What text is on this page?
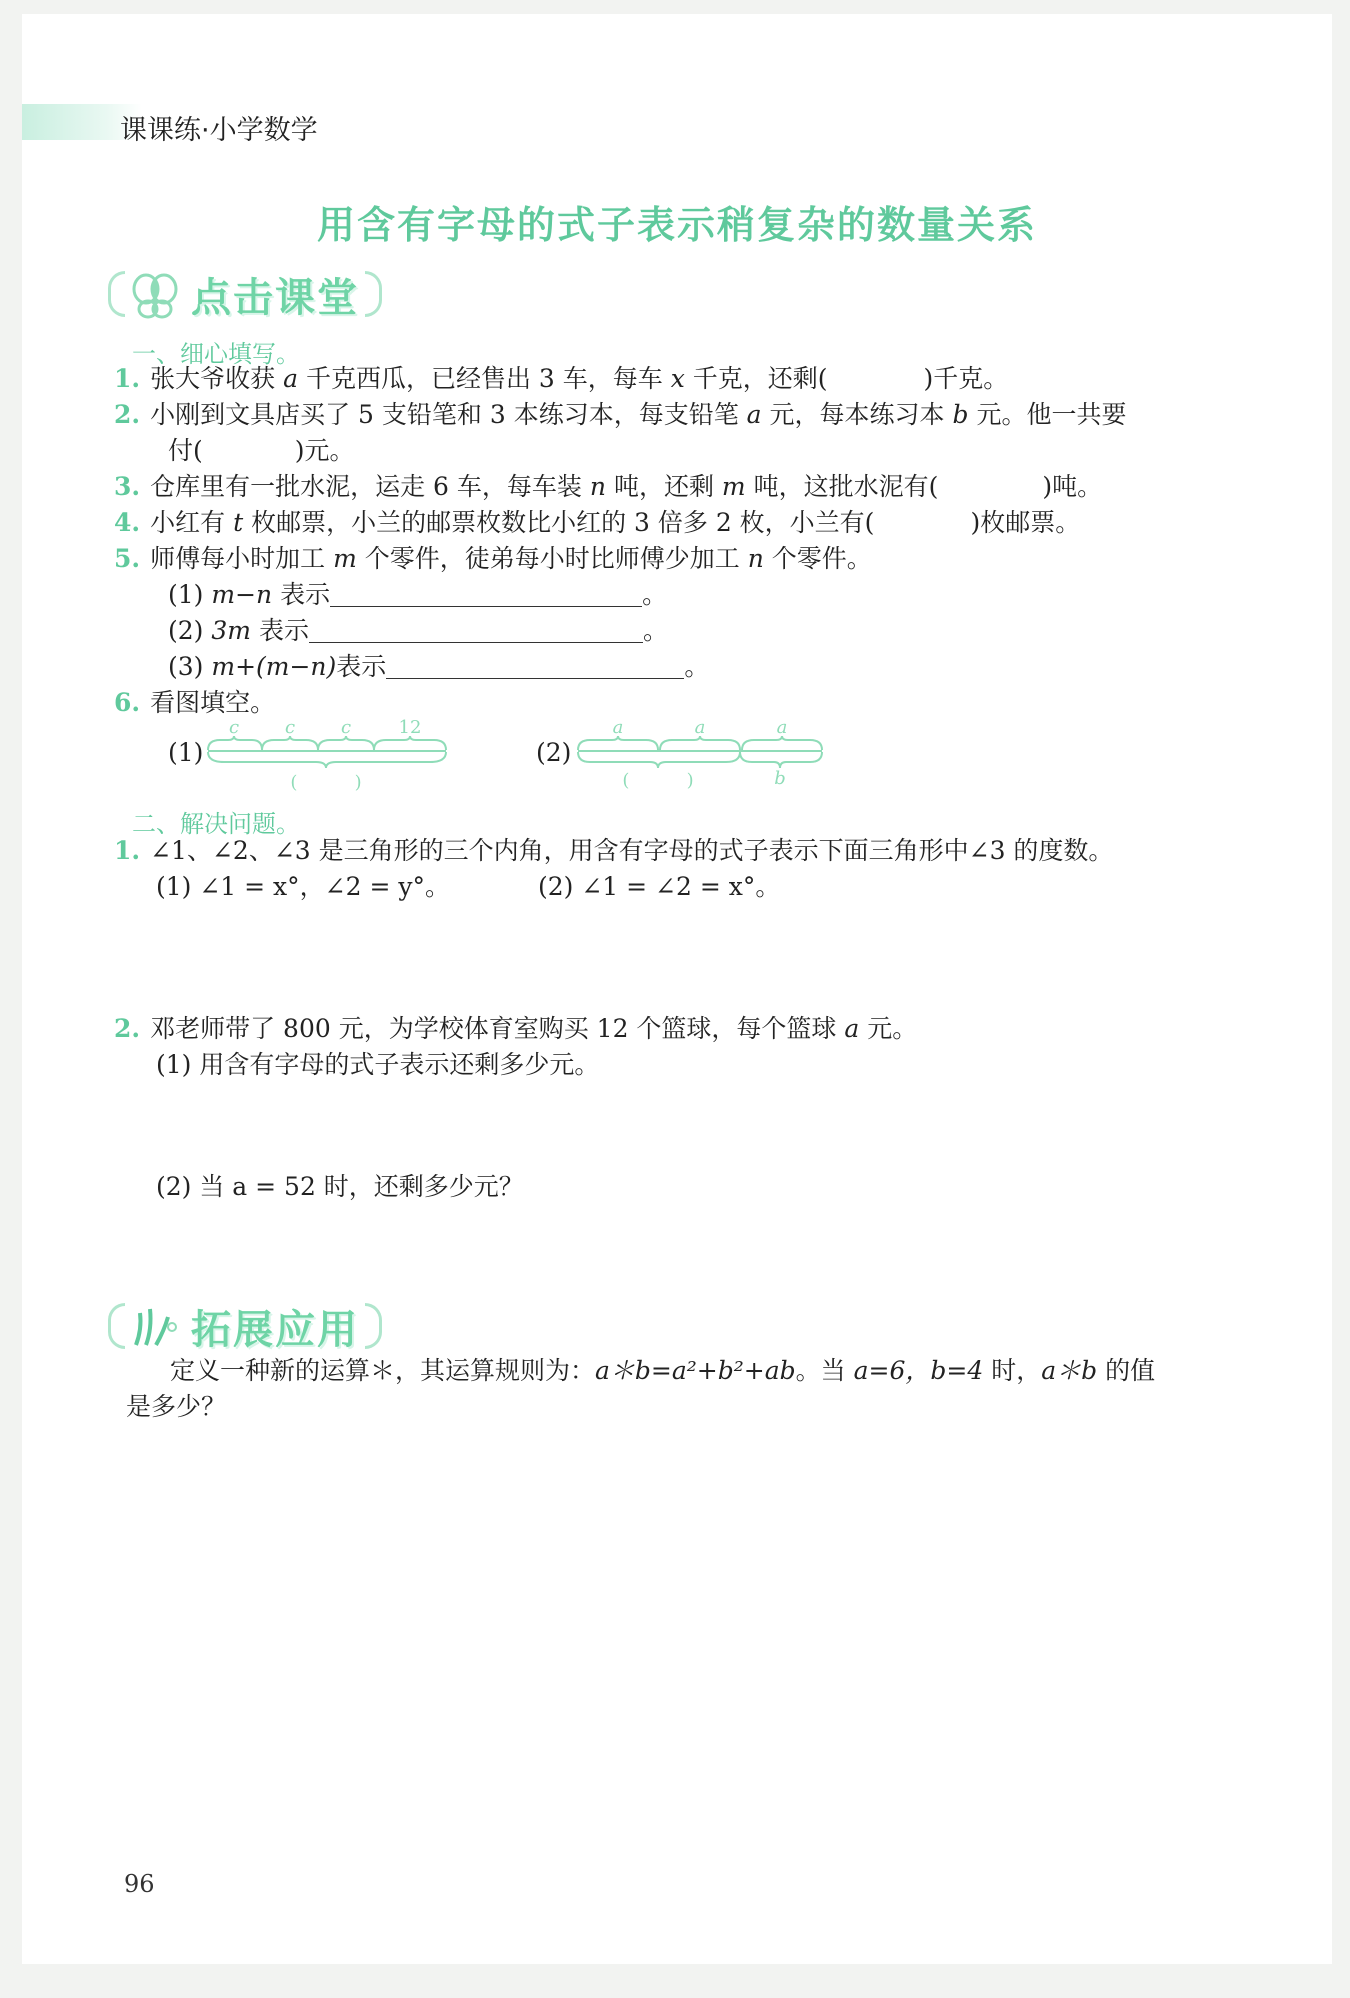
课课练·小学数学
用含有字母的式子表示稍复杂的数量关系
点击课堂
一、细心填写。
1. 张大爷收获 a 千克西瓜，已经售出 3 车，每车 x 千克，还剩(	)千克。
2. 小刚到文具店买了 5 支铅笔和 3 本练习本，每支铅笔 a 元，每本练习本 b 元。他一共要
付(	)元。
3. 仓库里有一批水泥，运走 6 车，每车装 n 吨，还剩 m 吨，这批水泥有(	)吨。
4. 小红有 t 枚邮票，小兰的邮票枚数比小红的 3 倍多 2 枚，小兰有(	)枚邮票。
5. 师傅每小时加工 m 个零件，徒弟每小时比师傅少加工 n 个零件。
(1) m−n 表示	。
(2) 3m 表示	。
(3) m+(m−n)表示	。
6. 看图填空。
(1)
c	c	c	12
(          )
(2)
a	a	a
(          )	b
二、解决问题。
1. ∠1、∠2、∠3 是三角形的三个内角，用含有字母的式子表示下面三角形中∠3 的度数。
(1) ∠1 = x°，∠2 = y°。	(2) ∠1 = ∠2 = x°。
2. 邓老师带了 800 元，为学校体育室购买 12 个篮球，每个篮球 a 元。
(1) 用含有字母的式子表示还剩多少元。
(2) 当 a = 52 时，还剩多少元？
拓展应用
定义一种新的运算＊，其运算规则为：a＊b=a²+b²+ab。当 a=6，b=4 时，a＊b 的值
是多少？
96
